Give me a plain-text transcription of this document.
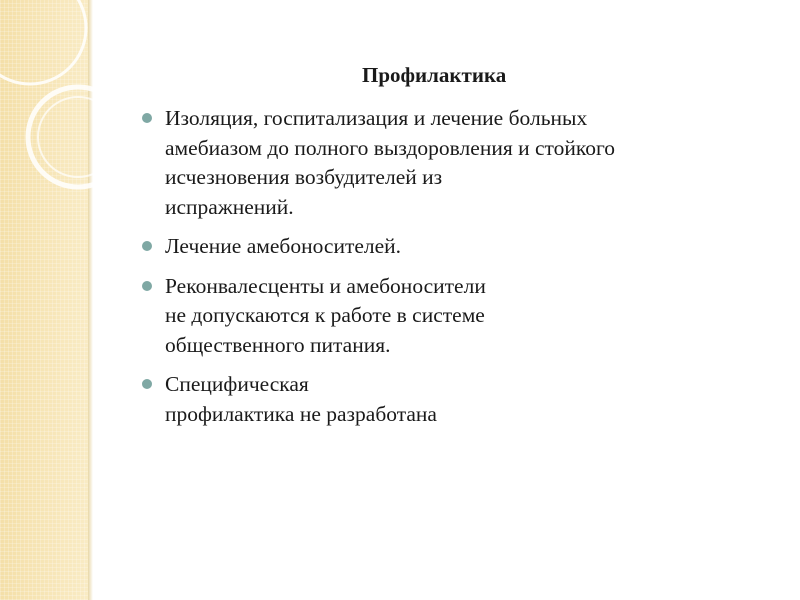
Профилактика
Изоляция, госпитализация и лечение больных
амебиазом до полного выздоровления и стойкого
исчезновения возбудителей из
испражнений.
Лечение амебоносителей.
Реконвалесценты и амебоносители
не допускаются к работе в системе
общественного питания.
Специфическая
профилактика не разработана
